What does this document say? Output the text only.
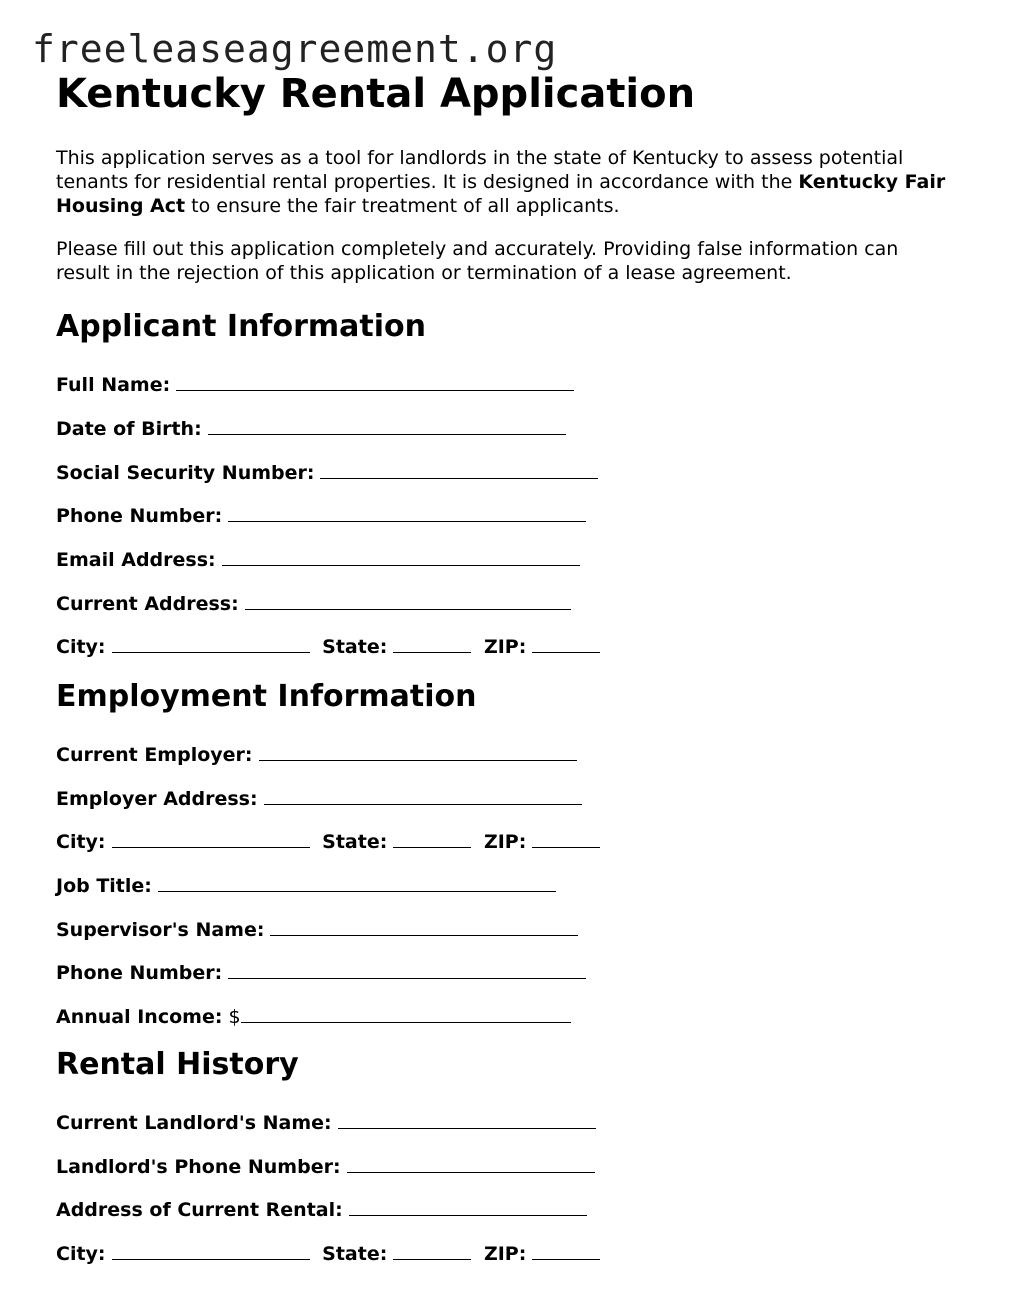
freeleaseagreement.org
Kentucky Rental Application

This application serves as a tool for landlords in the state of Kentucky to assess potential tenants for residential rental properties. It is designed in accordance with the Kentucky Fair Housing Act to ensure the fair treatment of all applicants.

Please fill out this application completely and accurately. Providing false information can result in the rejection of this application or termination of a lease agreement.

Applicant Information
Full Name:
Date of Birth:
Social Security Number:
Phone Number:
Email Address:
Current Address:
City:	State:	ZIP:
Employment Information
Current Employer:
Employer Address:
City:	State:	ZIP:
Job Title:
Supervisor's Name:
Phone Number:
Annual Income: $
Rental History
Current Landlord's Name:
Landlord's Phone Number:
Address of Current Rental:
City:	State:	ZIP:
